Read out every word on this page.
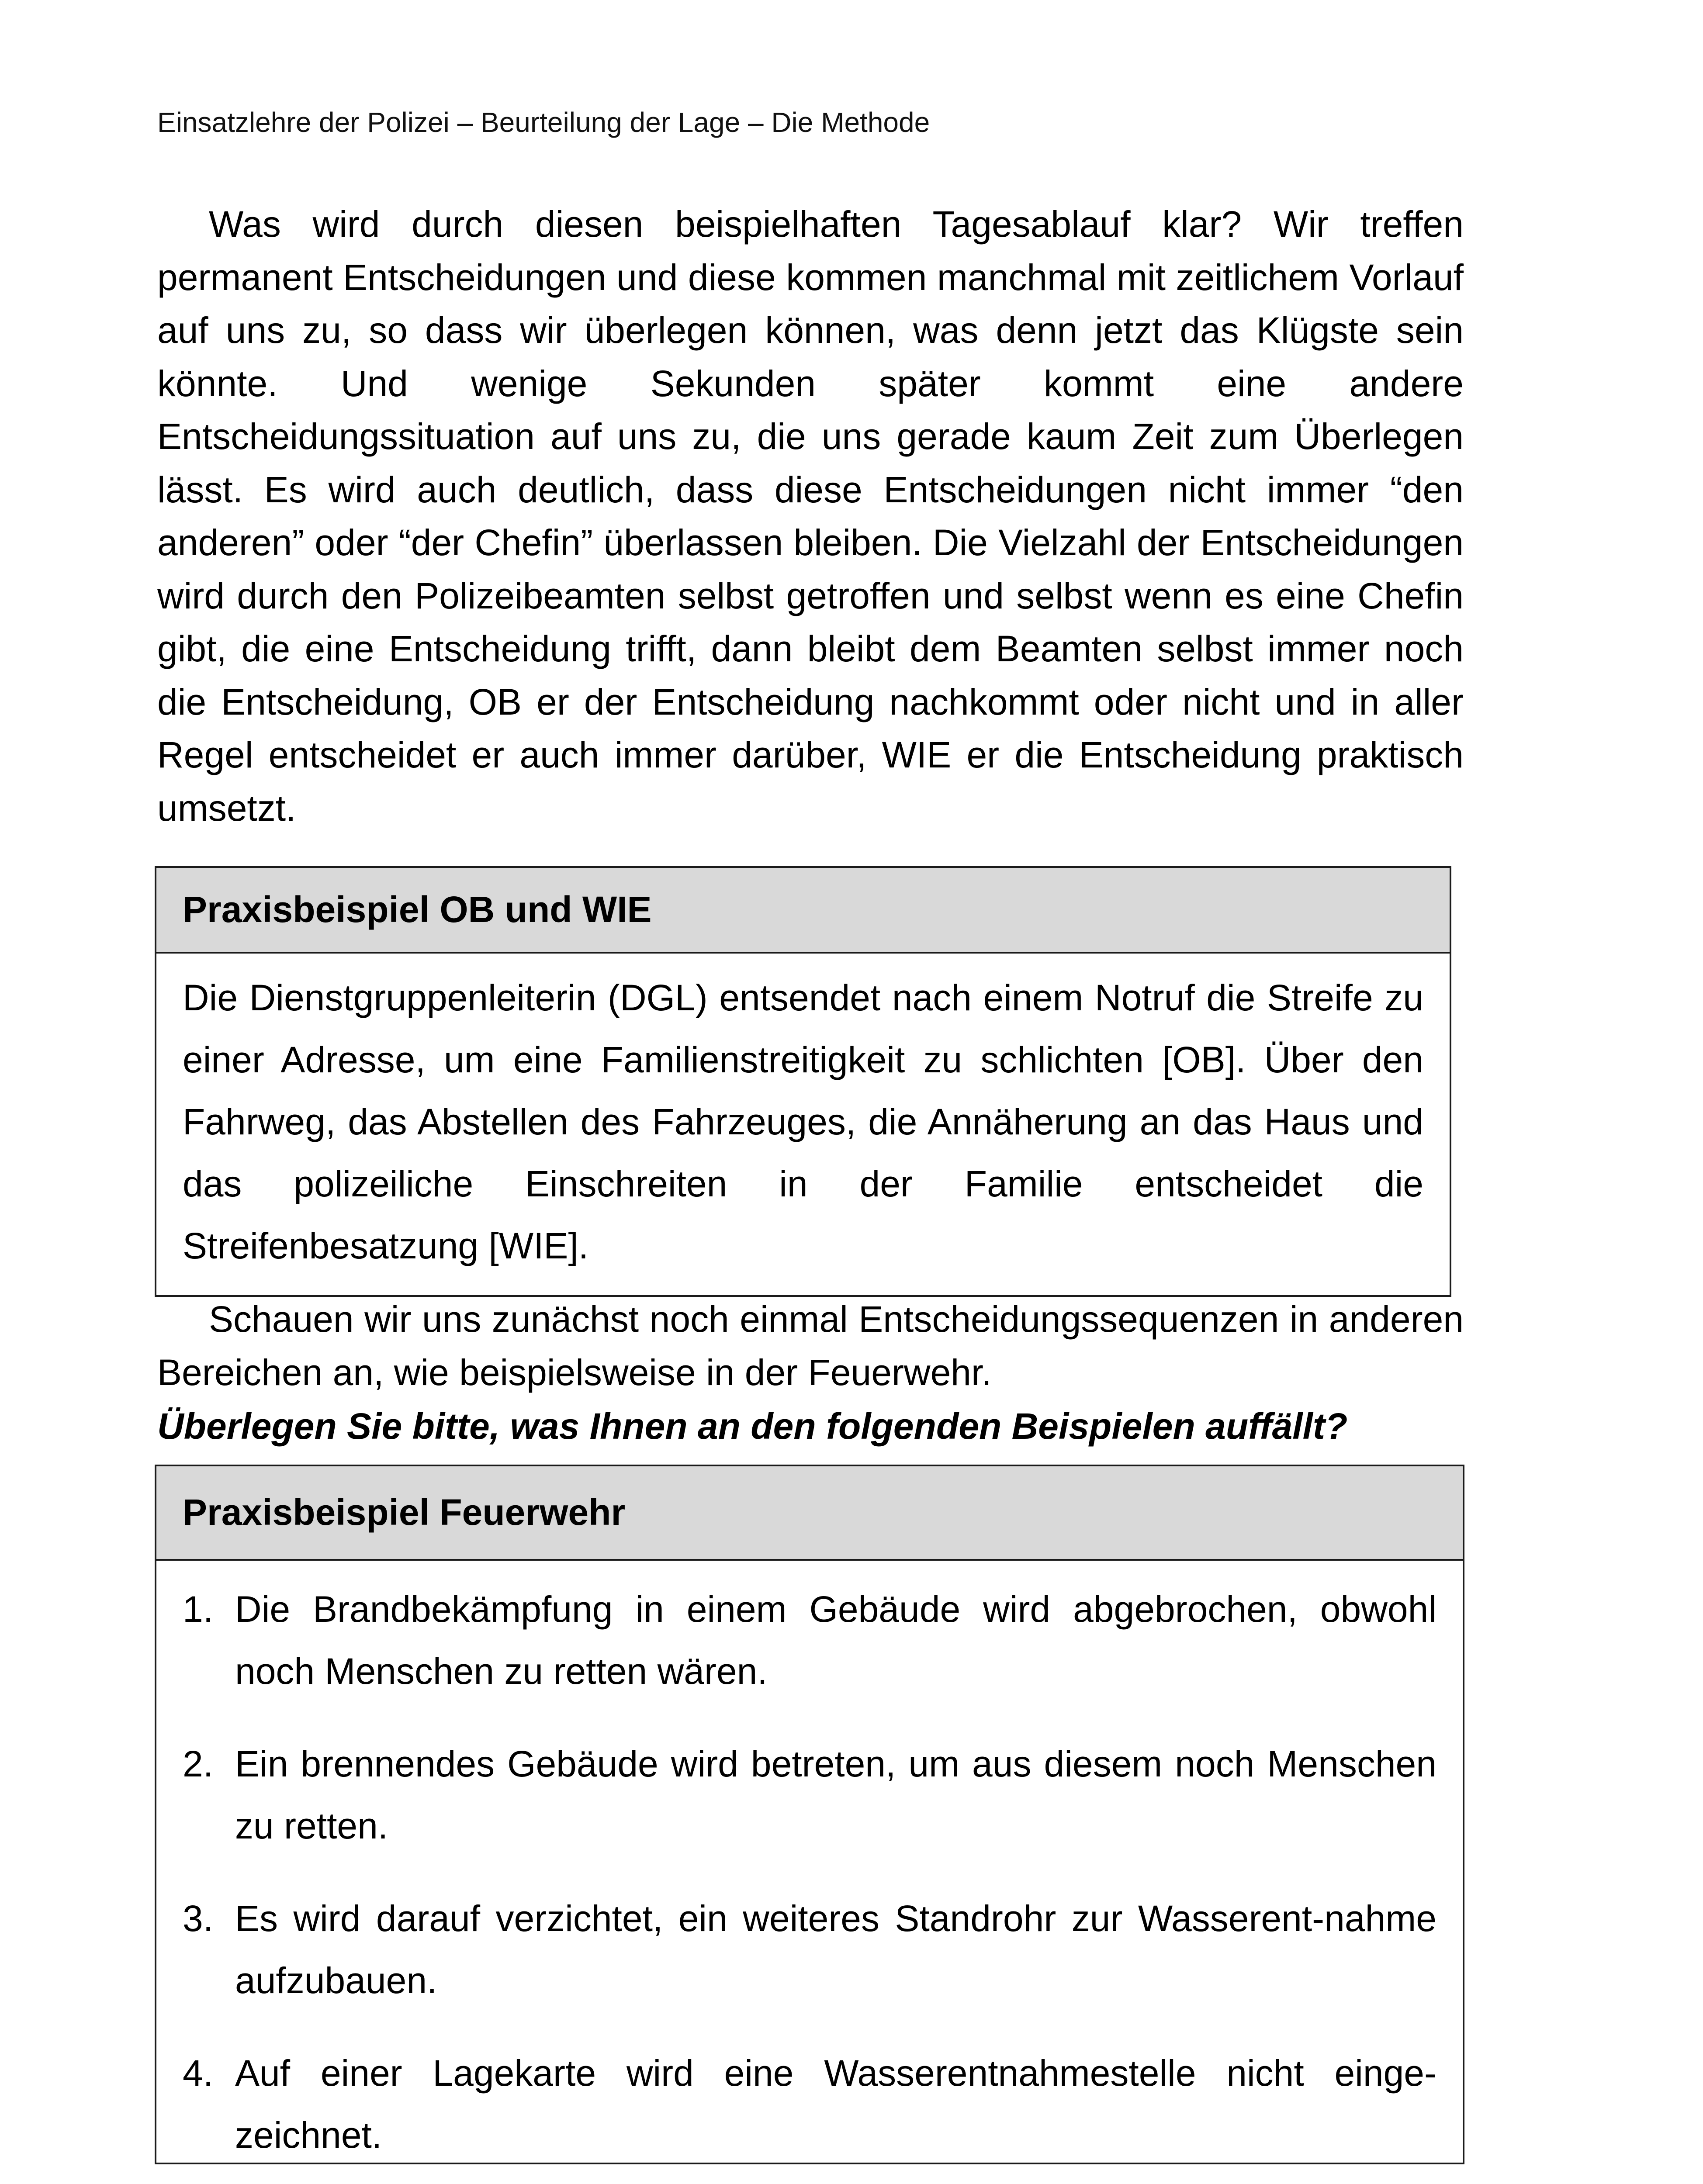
Einsatzlehre der Polizei – Beurteilung der Lage – Die Methode

Was wird durch diesen beispielhaften Tagesablauf klar? Wir treffen permanent Entscheidungen und diese kommen manchmal mit zeitlichem Vorlauf auf uns zu, so dass wir überlegen können, was denn jetzt das Klügste sein könnte. Und wenige Sekunden später kommt eine andere Entscheidungssituation auf uns zu, die uns gerade kaum Zeit zum Überlegen lässt. Es wird auch deutlich, dass diese Entscheidungen nicht immer “den anderen” oder “der Chefin” überlassen bleiben. Die Vielzahl der Entscheidungen wird durch den Polizeibeamten selbst getroffen und selbst wenn es eine Chefin gibt, die eine Entscheidung trifft, dann bleibt dem Beamten selbst immer noch die Entscheidung, OB er der Entscheidung nachkommt oder nicht und in aller Regel entscheidet er auch immer darüber, WIE er die Entscheidung praktisch umsetzt.

Praxisbeispiel OB und WIE
Die Dienstgruppenleiterin (DGL) entsendet nach einem Notruf die Streife zu einer Adresse, um eine Familienstreitigkeit zu schlichten [OB]. Über den Fahrweg, das Abstellen des Fahrzeuges, die Annäherung an das Haus und das polizeiliche Einschreiten in der Familie entscheidet die Streifenbesatzung [WIE].

Schauen wir uns zunächst noch einmal Entscheidungssequenzen in anderen Bereichen an, wie beispielsweise in der Feuerwehr.

Überlegen Sie bitte, was Ihnen an den folgenden Beispielen auffällt?

Praxisbeispiel Feuerwehr
1. Die Brandbekämpfung in einem Gebäude wird abgebrochen, obwohl noch Menschen zu retten wären.
2. Ein brennendes Gebäude wird betreten, um aus diesem noch Menschen zu retten.
3. Es wird darauf verzichtet, ein weiteres Standrohr zur Wasserent-nahme aufzubauen.
4. Auf einer Lagekarte wird eine Wasserentnahmestelle nicht einge-zeichnet.
